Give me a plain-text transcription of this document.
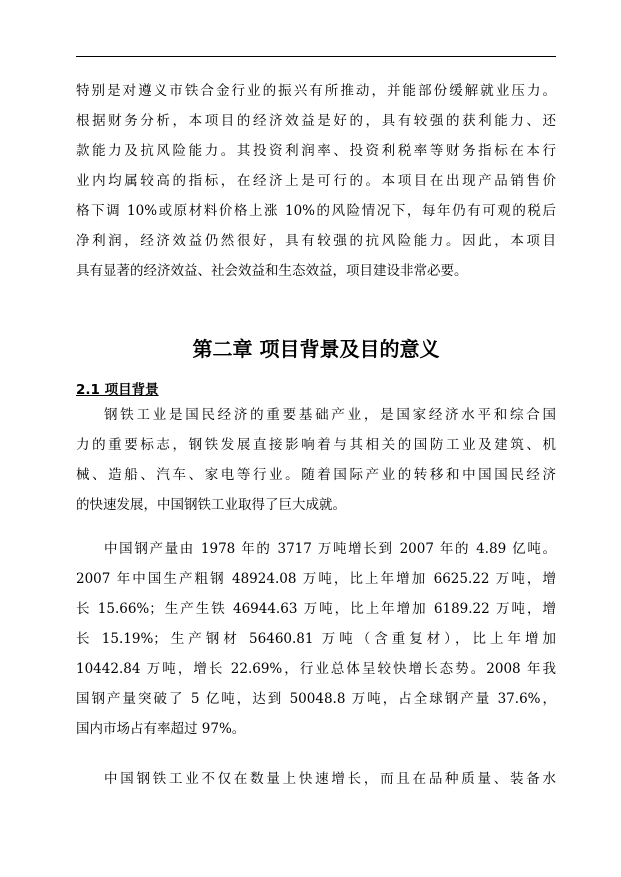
特别是对遵义市铁合金行业的振兴有所推动，并能部份缓解就业压力。
根据财务分析，本项目的经济效益是好的，具有较强的获利能力、还
款能力及抗风险能力。其投资利润率、投资利税率等财务指标在本行
业内均属较高的指标，在经济上是可行的。本项目在出现产品销售价
格下调 10%或原材料价格上涨 10%的风险情况下，每年仍有可观的税后
净利润，经济效益仍然很好，具有较强的抗风险能力。因此，本项目
具有显著的经济效益、社会效益和生态效益，项目建设非常必要。
第二章 项目背景及目的意义
2.1 项目背景
钢铁工业是国民经济的重要基础产业，是国家经济水平和综合国
力的重要标志，钢铁发展直接影响着与其相关的国防工业及建筑、机
械、造船、汽车、家电等行业。随着国际产业的转移和中国国民经济
的快速发展，中国钢铁工业取得了巨大成就。
中国钢产量由 1978 年的 3717 万吨增长到 2007 年的 4.89 亿吨。
2007 年中国生产粗钢 48924.08 万吨，比上年增加 6625.22 万吨，增
长 15.66%；生产生铁 46944.63 万吨，比上年增加 6189.22 万吨，增
长 15.19%；生产钢材 56460.81 万吨（含重复材），比上年增加
10442.84 万吨，增长 22.69%，行业总体呈较快增长态势。2008 年我
国钢产量突破了 5 亿吨，达到 50048.8 万吨，占全球钢产量 37.6%，
国内市场占有率超过 97%。
中国钢铁工业不仅在数量上快速增长，而且在品种质量、装备水
